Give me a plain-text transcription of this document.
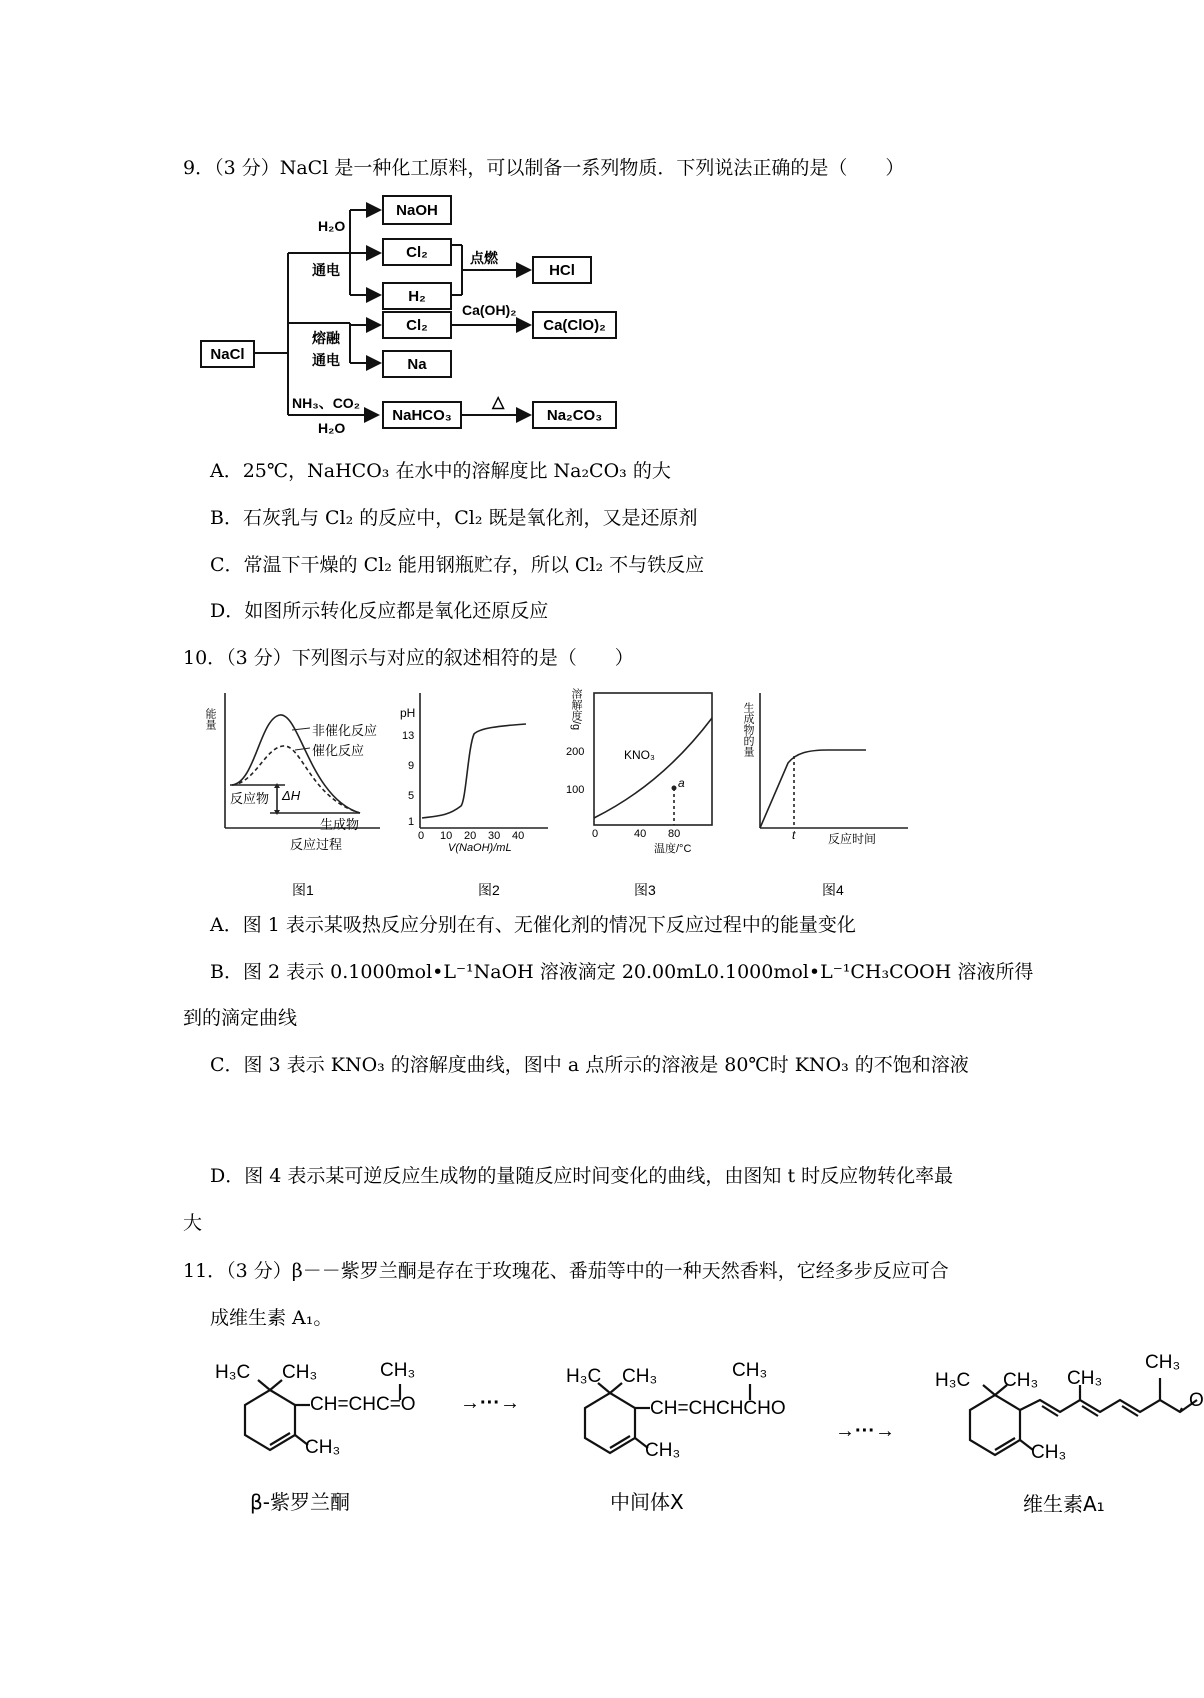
9．（3 分）NaCl 是一种化工原料，可以制备一系列物质．下列说法正确的是（　　）
NaCl
NaOH
Cl₂
H₂
HCl
Cl₂	Ca(ClO)₂
Na
NaHCO₃	Na₂CO₃
H₂O
通电
点燃
熔融
通电
Ca(OH)₂
NH₃、CO₂
H₂O
△
A．25℃，NaHCO₃ 在水中的溶解度比 Na₂CO₃ 的大
B．石灰乳与 Cl₂ 的反应中，Cl₂ 既是氧化剂，又是还原剂
C．常温下干燥的 Cl₂ 能用钢瓶贮存，所以 Cl₂ 不与铁反应
D．如图所示转化反应都是氧化还原反应
10．（3 分）下列图示与对应的叙述相符的是（　　）
能量
非催化反应
催化反应
反应物 ΔH
生成物
反应过程
图1
pH
13
9
5
1
0 10 20 30 40
V(NaOH)/mL
图2
溶解度/g
200
100
KNO₃
a
0	40 80
温度/°C
图3
生成物的量
t	反应时间
图4
A．图 1 表示某吸热反应分别在有、无催化剂的情况下反应过程中的能量变化
B．图 2 表示 0.1000mol•L⁻¹NaOH 溶液滴定 20.00mL0.1000mol•L⁻¹CH₃COOH 溶液所得
到的滴定曲线
C．图 3 表示 KNO₃ 的溶解度曲线，图中 a 点所示的溶液是 80℃时 KNO₃ 的不饱和溶液
D．图 4 表示某可逆反应生成物的量随反应时间变化的曲线，由图知 t 时反应物转化率最
大
11．（3 分）β－－紫罗兰酮是存在于玫瑰花、番茄等中的一种天然香料，它经多步反应可合
成维生素 A₁。
H₃C CH₃	CH₃
CH=CHC=O
CH₃
β-紫罗兰酮
→···→
H₃C CH₃	CH₃
CH=CHCHCHO
CH₃
中间体X
→···→
H₃C CH₃
CH₃
CH₃
CH₃
O
维生素A₁
